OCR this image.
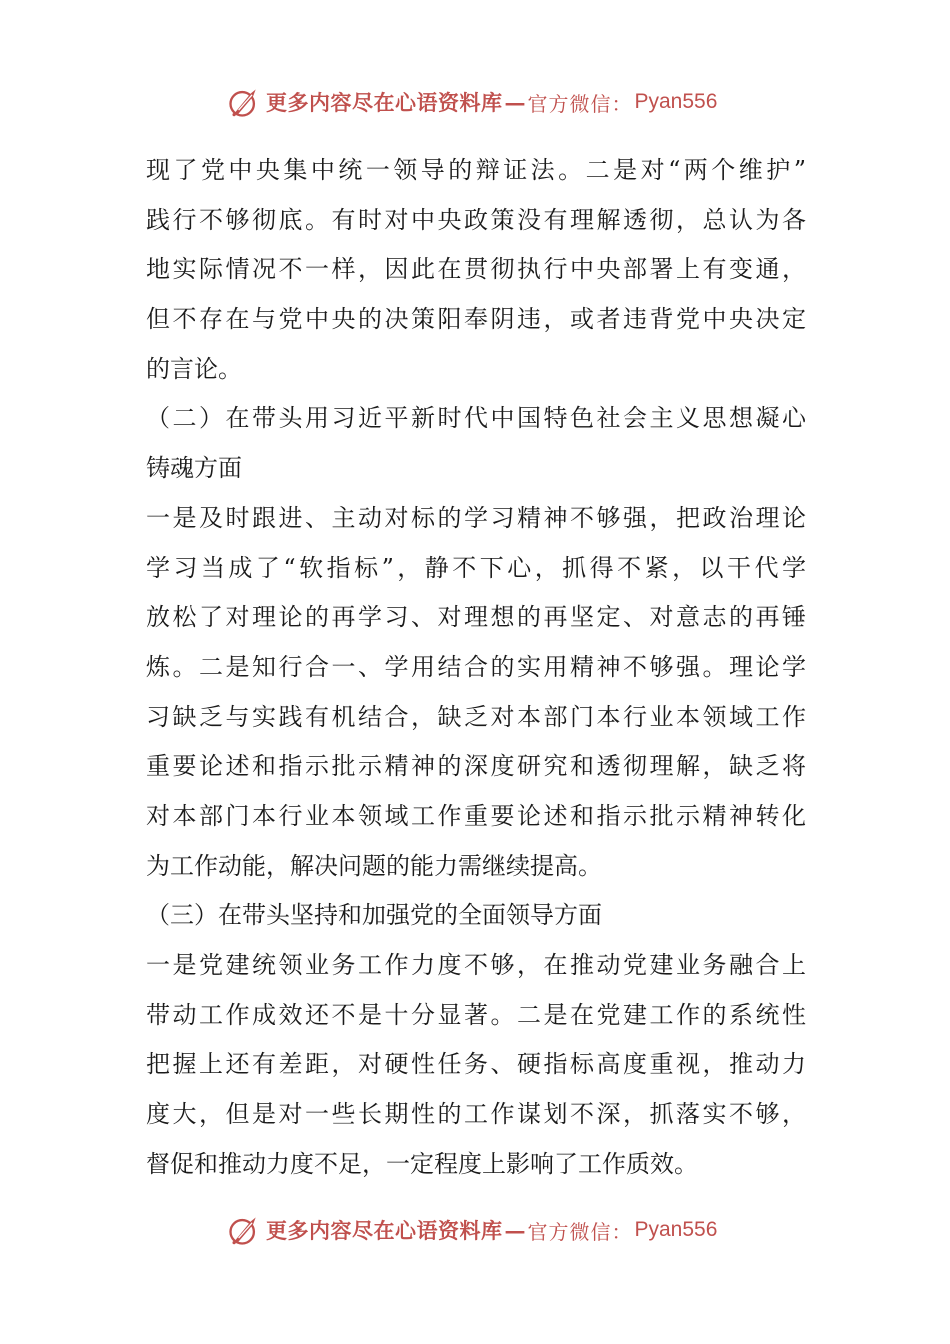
更多内容尽在心语资料库 — 官方微信： Pyan556
现了党中央集中统一领导的辩证法。二是对“两个维护”
践行不够彻底。有时对中央政策没有理解透彻，总认为各
地实际情况不一样，因此在贯彻执行中央部署上有变通，
但不存在与党中央的决策阳奉阴违，或者违背党中央决定
的言论。
（二）在带头用习近平新时代中国特色社会主义思想凝心
铸魂方面
一是及时跟进、主动对标的学习精神不够强，把政治理论
学习当成了“软指标”，静不下心，抓得不紧，以干代学
放松了对理论的再学习、对理想的再坚定、对意志的再锤
炼。二是知行合一、学用结合的实用精神不够强。理论学
习缺乏与实践有机结合，缺乏对本部门本行业本领域工作
重要论述和指示批示精神的深度研究和透彻理解，缺乏将
对本部门本行业本领域工作重要论述和指示批示精神转化
为工作动能，解决问题的能力需继续提高。
（三）在带头坚持和加强党的全面领导方面
一是党建统领业务工作力度不够，在推动党建业务融合上
带动工作成效还不是十分显著。二是在党建工作的系统性
把握上还有差距，对硬性任务、硬指标高度重视，推动力
度大，但是对一些长期性的工作谋划不深，抓落实不够，
督促和推动力度不足，一定程度上影响了工作质效。
更多内容尽在心语资料库 — 官方微信： Pyan556
